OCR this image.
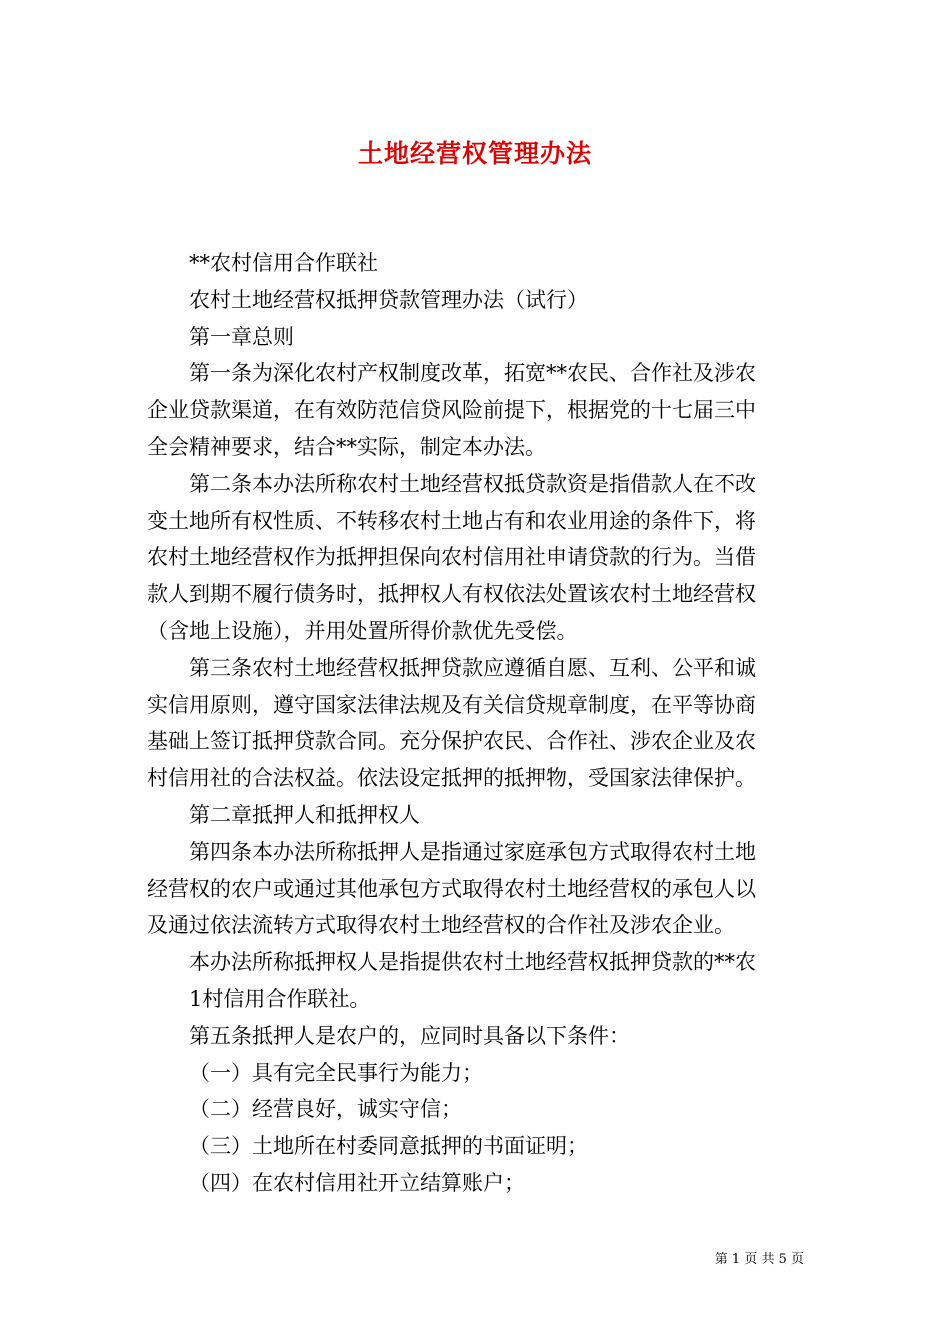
土地经营权管理办法
**农村信用合作联社
农村土地经营权抵押贷款管理办法（试行）
第一章总则
第一条为深化农村产权制度改革，拓宽**农民、合作社及涉农
企业贷款渠道，在有效防范信贷风险前提下，根据党的十七届三中
全会精神要求，结合**实际，制定本办法。
第二条本办法所称农村土地经营权抵贷款资是指借款人在不改
变土地所有权性质、不转移农村土地占有和农业用途的条件下，将
农村土地经营权作为抵押担保向农村信用社申请贷款的行为。当借
款人到期不履行债务时，抵押权人有权依法处置该农村土地经营权
（含地上设施），并用处置所得价款优先受偿。
第三条农村土地经营权抵押贷款应遵循自愿、互利、公平和诚
实信用原则，遵守国家法律法规及有关信贷规章制度，在平等协商
基础上签订抵押贷款合同。充分保护农民、合作社、涉农企业及农
村信用社的合法权益。依法设定抵押的抵押物，受国家法律保护。
第二章抵押人和抵押权人
第四条本办法所称抵押人是指通过家庭承包方式取得农村土地
经营权的农户或通过其他承包方式取得农村土地经营权的承包人以
及通过依法流转方式取得农村土地经营权的合作社及涉农企业。
本办法所称抵押权人是指提供农村土地经营权抵押贷款的**农
1村信用合作联社。
第五条抵押人是农户的，应同时具备以下条件：
（一）具有完全民事行为能力；
（二）经营良好，诚实守信；
（三）土地所在村委同意抵押的书面证明；
（四）在农村信用社开立结算账户；
第 1 页 共 5 页
